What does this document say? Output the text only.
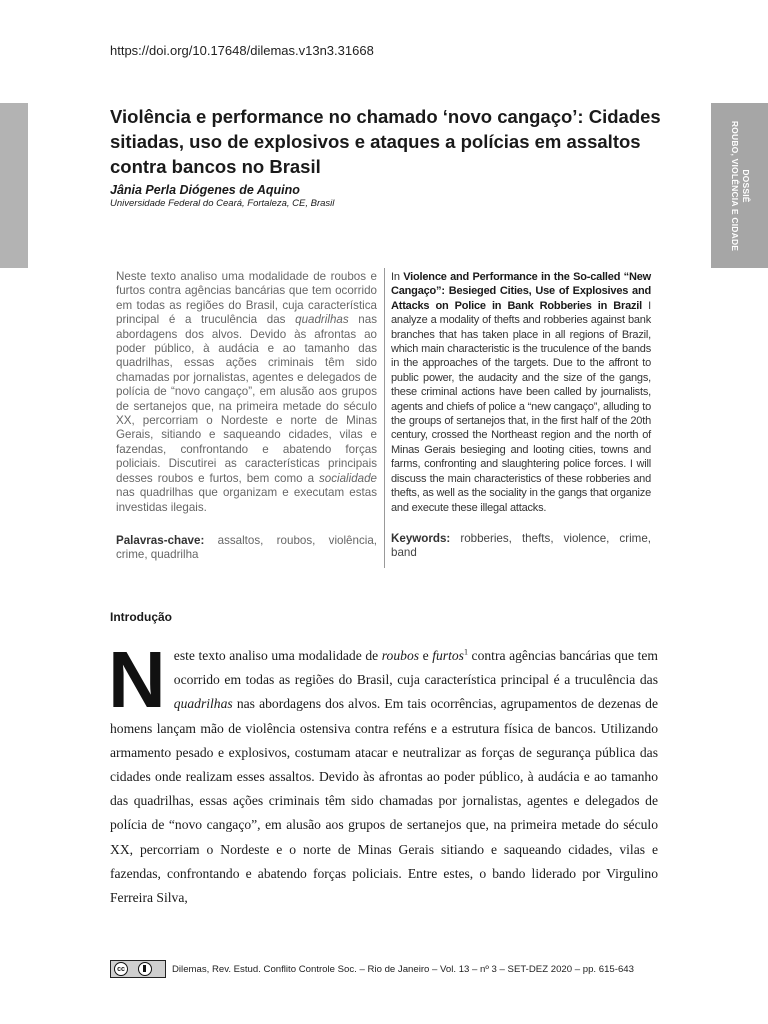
https://doi.org/10.17648/dilemas.v13n3.31668
DOSSIÊ
ROUBO, VIOLÊNCIA E CIDADE
Violência e performance no chamado ‘novo cangaço’: Cidades sitiadas, uso de explosivos e ataques a polícias em assaltos contra bancos no Brasil
Jânia Perla Diógenes de Aquino
Universidade Federal do Ceará, Fortaleza, CE, Brasil
Neste texto analiso uma modalidade de roubos e furtos contra agências bancárias que tem ocorrido em todas as regiões do Brasil, cuja característica principal é a truculência das quadrilhas nas abordagens dos alvos. Devido às afrontas ao poder público, à audácia e ao tamanho das quadrilhas, essas ações criminais têm sido chamadas por jornalistas, agentes e delegados de polícia de “novo cangaço”, em alusão aos grupos de sertanejos que, na primeira metade do século XX, percorriam o Nordeste e norte de Minas Gerais, sitiando e saqueando cidades, vilas e fazendas, confrontando e abatendo forças policiais. Discutirei as características principais desses roubos e furtos, bem como a socialidade nas quadrilhas que organizam e executam estas investidas ilegais.
Palavras-chave: assaltos, roubos, violência, crime, quadrilha
In Violence and Performance in the So-called “New Cangaço”: Besieged Cities, Use of Explosives and Attacks on Police in Bank Robberies in Brazil I analyze a modality of thefts and robberies against bank branches that has taken place in all regions of Brazil, which main characteristic is the truculence of the bands in the approaches of the targets. Due to the affront to public power, the audacity and the size of the gangs, these criminal actions have been called by journalists, agents and chiefs of police a “new cangaço”, alluding to the groups of sertanejos that, in the first half of the 20th century, crossed the Northeast region and the north of Minas Gerais besieging and looting cities, towns and farms, confronting and slaughtering police forces. I will discuss the main characteristics of these robberies and thefts, as well as the sociality in the gangs that organize and execute these illegal attacks.
Keywords: robberies, thefts, violence, crime, band
Introdução
Neste texto analiso uma modalidade de roubos e furtos$^1$ contra agências bancárias que tem ocorrido em todas as regiões do Brasil, cuja característica principal é a truculência das quadrilhas nas abordagens dos alvos. Em tais ocorrências, agrupamentos de dezenas de homens lançam mão de violência ostensiva contra reféns e a estrutura física de bancos. Utilizando armamento pesado e explosivos, costumam atacar e neutralizar as forças de segurança pública das cidades onde realizam esses assaltos. Devido às afrontas ao poder público, à audácia e ao tamanho das quadrilhas, essas ações criminais têm sido chamadas por jornalistas, agentes e delegados de polícia de “novo cangaço”, em alusão aos grupos de sertanejos que, na primeira metade do século XX, percorriam o Nordeste e o norte de Minas Gerais sitiando e saqueando cidades, vilas e fazendas, confrontando e abatendo forças policiais. Entre estes, o bando liderado por Virgulino Ferreira Silva,
cc	Dilemas, Rev. Estud. Conflito Controle Soc. – Rio de Janeiro – Vol. 13 – nº 3 – SET-DEZ 2020 – pp. 615-643
